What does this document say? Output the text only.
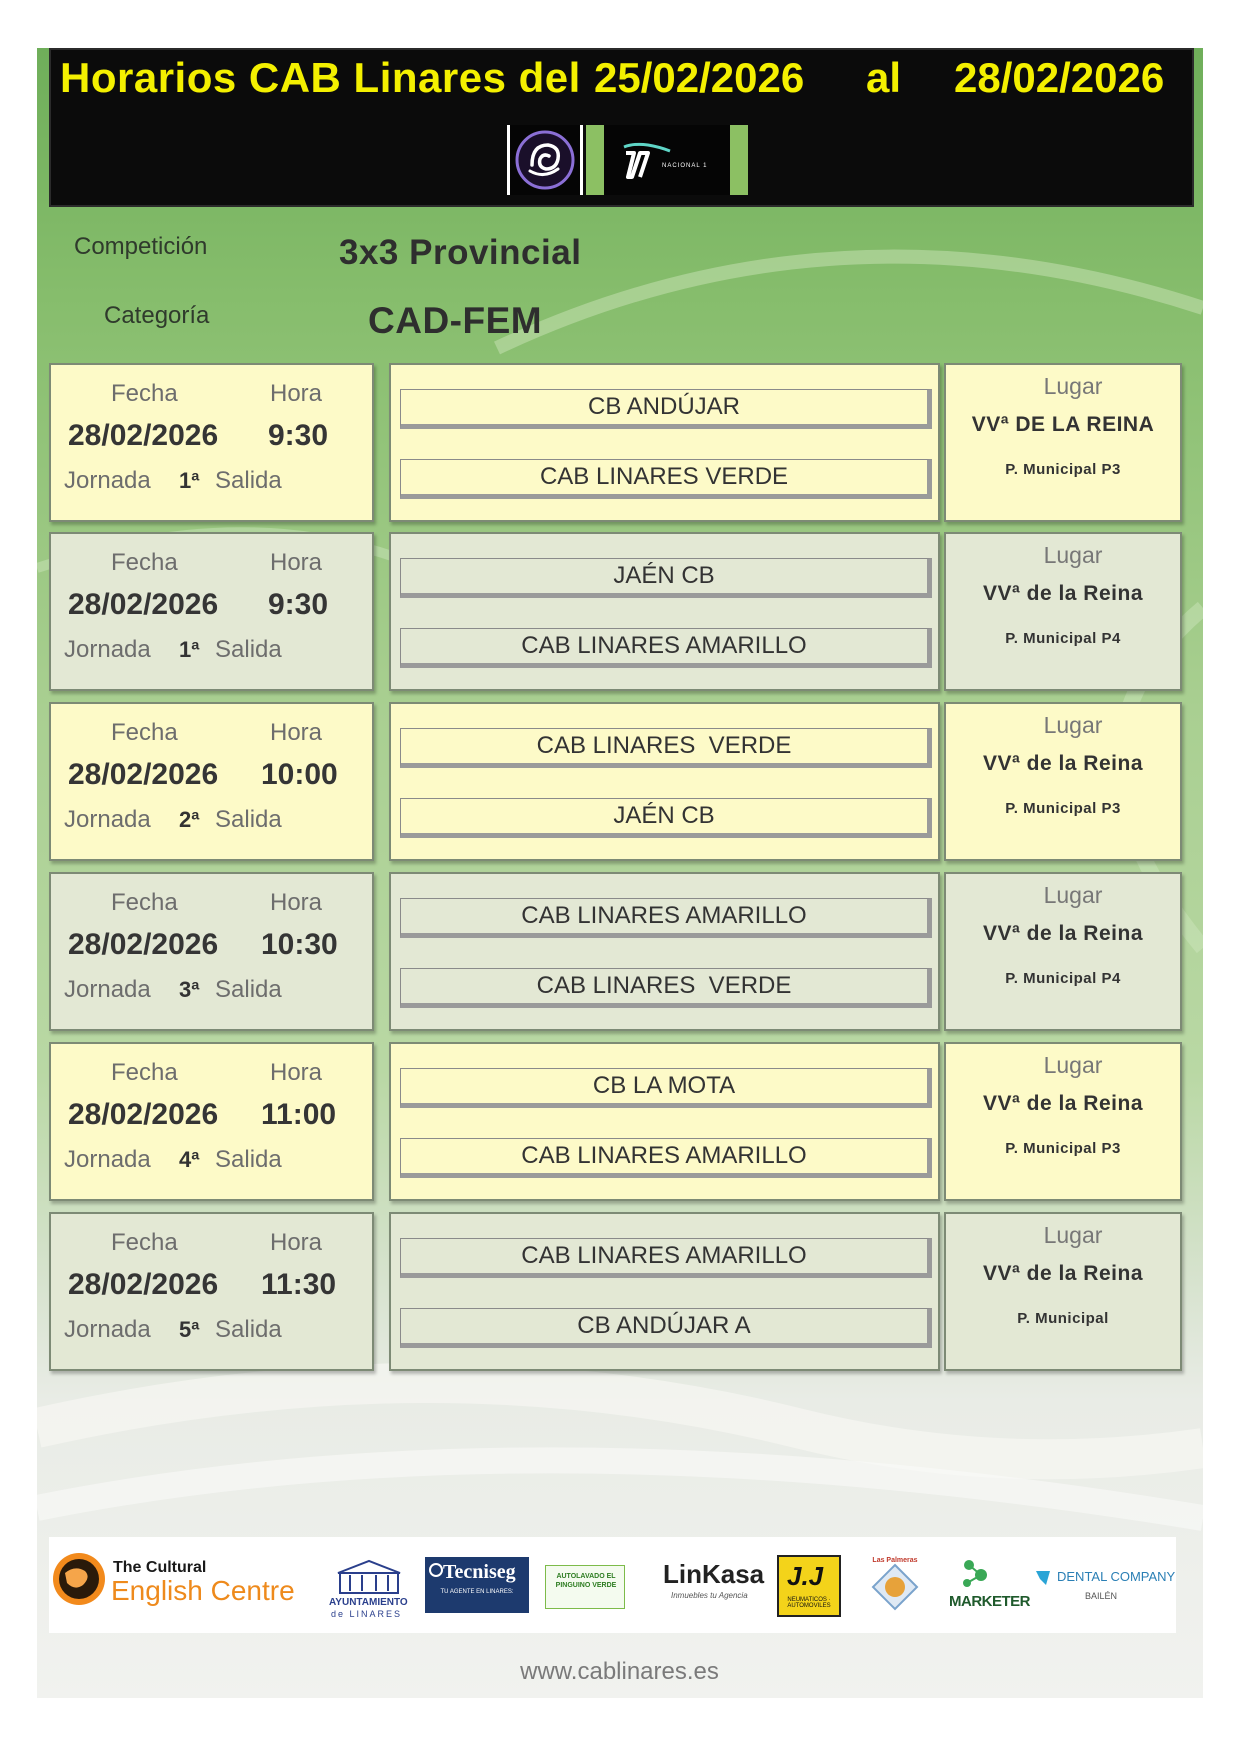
Horarios CAB Linares del 25/02/2026 al 28/02/2026
NACIONAL 1
Competición	3x3 Provincial
Categoría	CAD-FEM
Fecha	Hora
28/02/2026 9:30
Jornada 1ª Salida
CB ANDÚJAR
CAB LINARES VERDE
Lugar
VVª DE LA REINA
P. Municipal P3
Fecha	Hora
28/02/2026 9:30
Jornada 1ª Salida
JAÉN CB
CAB LINARES AMARILLO
Lugar
VVª de la Reina
P. Municipal P4
Fecha	Hora
28/02/2026 10:00
Jornada 2ª Salida
CAB LINARES  VERDE
JAÉN CB
Lugar
VVª de la Reina
P. Municipal P3
Fecha	Hora
28/02/2026 10:30
Jornada 3ª Salida
CAB LINARES AMARILLO
CAB LINARES  VERDE
Lugar
VVª de la Reina
P. Municipal P4
Fecha	Hora
28/02/2026 11:00
Jornada 4ª Salida
CB LA MOTA
CAB LINARES AMARILLO
Lugar
VVª de la Reina
P. Municipal P3
Fecha	Hora
28/02/2026 11:30
Jornada 5ª Salida
CAB LINARES AMARILLO
CB ANDÚJAR A
Lugar
VVª de la Reina
P. Municipal
The Cultural
English Centre	AYUNTAMIENTO
de LINARES
Tecniseg
TU AGENTE EN LINARES:
AUTOLAVADO EL PINGUINO VERDE LinKasa
Inmuebles tu Agencia
J.J
NEUMATICOS · AUTOMOVILES
Las Palmeras
MARKETER
DENTAL COMPANY
BAILÉN
www.cablinares.es
